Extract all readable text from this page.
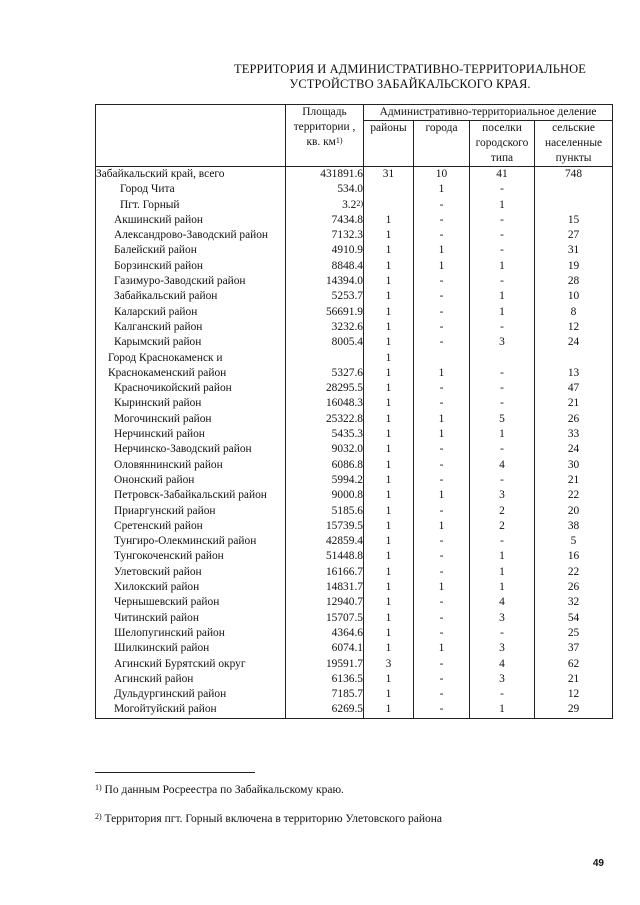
ТЕРРИТОРИЯ И АДМИНИСТРАТИВНО-ТЕРРИТОРИАЛЬНОЕ
УСТРОЙСТВО ЗАБАЙКАЛЬСКОГО КРАЯ.
	Площадь территории , кв. $км^{1)}$	Административно-территориальное деление			
		районы	города	поселки городского типа	сельские населенные пункты
Забайкальский край, всего	431891.6	31	10	41	748
Город Чита	534.0		1	-	
Пгт. Горный	3.2$^{2)}$		-	1	
Акшинский район	7434.8	1	-	-	15
Александрово-Заводский район	7132.3	1	-	-	27
Балейский район	4910.9	1	1	-	31
Борзинский район	8848.4	1	1	1	19
Газимуро-Заводский район	14394.0	1	-	-	28
Забайкальский район	5253.7	1	-	1	10
Каларский район	56691.9	1	-	1	8
Калганский район	3232.6	1	-	-	12
Карымский район	8005.4	1	-	3	24
Город Краснокаменск и		1			
Краснокаменский район	5327.6	1	1	-	13
Красночикойский район	28295.5	1	-	-	47
Кыринский район	16048.3	1	-	-	21
Могочинский район	25322.8	1	1	5	26
Нерчинский район	5435.3	1	1	1	33
Нерчинско-Заводский район	9032.0	1	-	-	24
Оловяннинский район	6086.8	1	-	4	30
Ононский район	5994.2	1	-	-	21
Петровск-Забайкальский район	9000.8	1	1	3	22
Приаргунский район	5185.6	1	-	2	20
Сретенский район	15739.5	1	1	2	38
Тунгиро-Олекминский район	42859.4	1	-	-	5
Тунгокоченский район	51448.8	1	-	1	16
Улетовский район	16166.7	1	-	1	22
Хилокский район	14831.7	1	1	1	26
Чернышевский район	12940.7	1	-	4	32
Читинский район	15707.5	1	-	3	54
Шелопугинский район	4364.6	1	-	-	25
Шилкинский район	6074.1	1	1	3	37
Агинский Бурятский округ	19591.7	3	-	4	62
Агинский район	6136.5	1	-	3	21
Дульдургинский район	7185.7	1	-	-	12
Могойтуйский район	6269.5	1	-	1	29
$^{1)}$ По данным Росреестра по Забайкальскому краю.
$^{2)}$ Территория пгт. Горный включена в территорию Улетовского района
49
